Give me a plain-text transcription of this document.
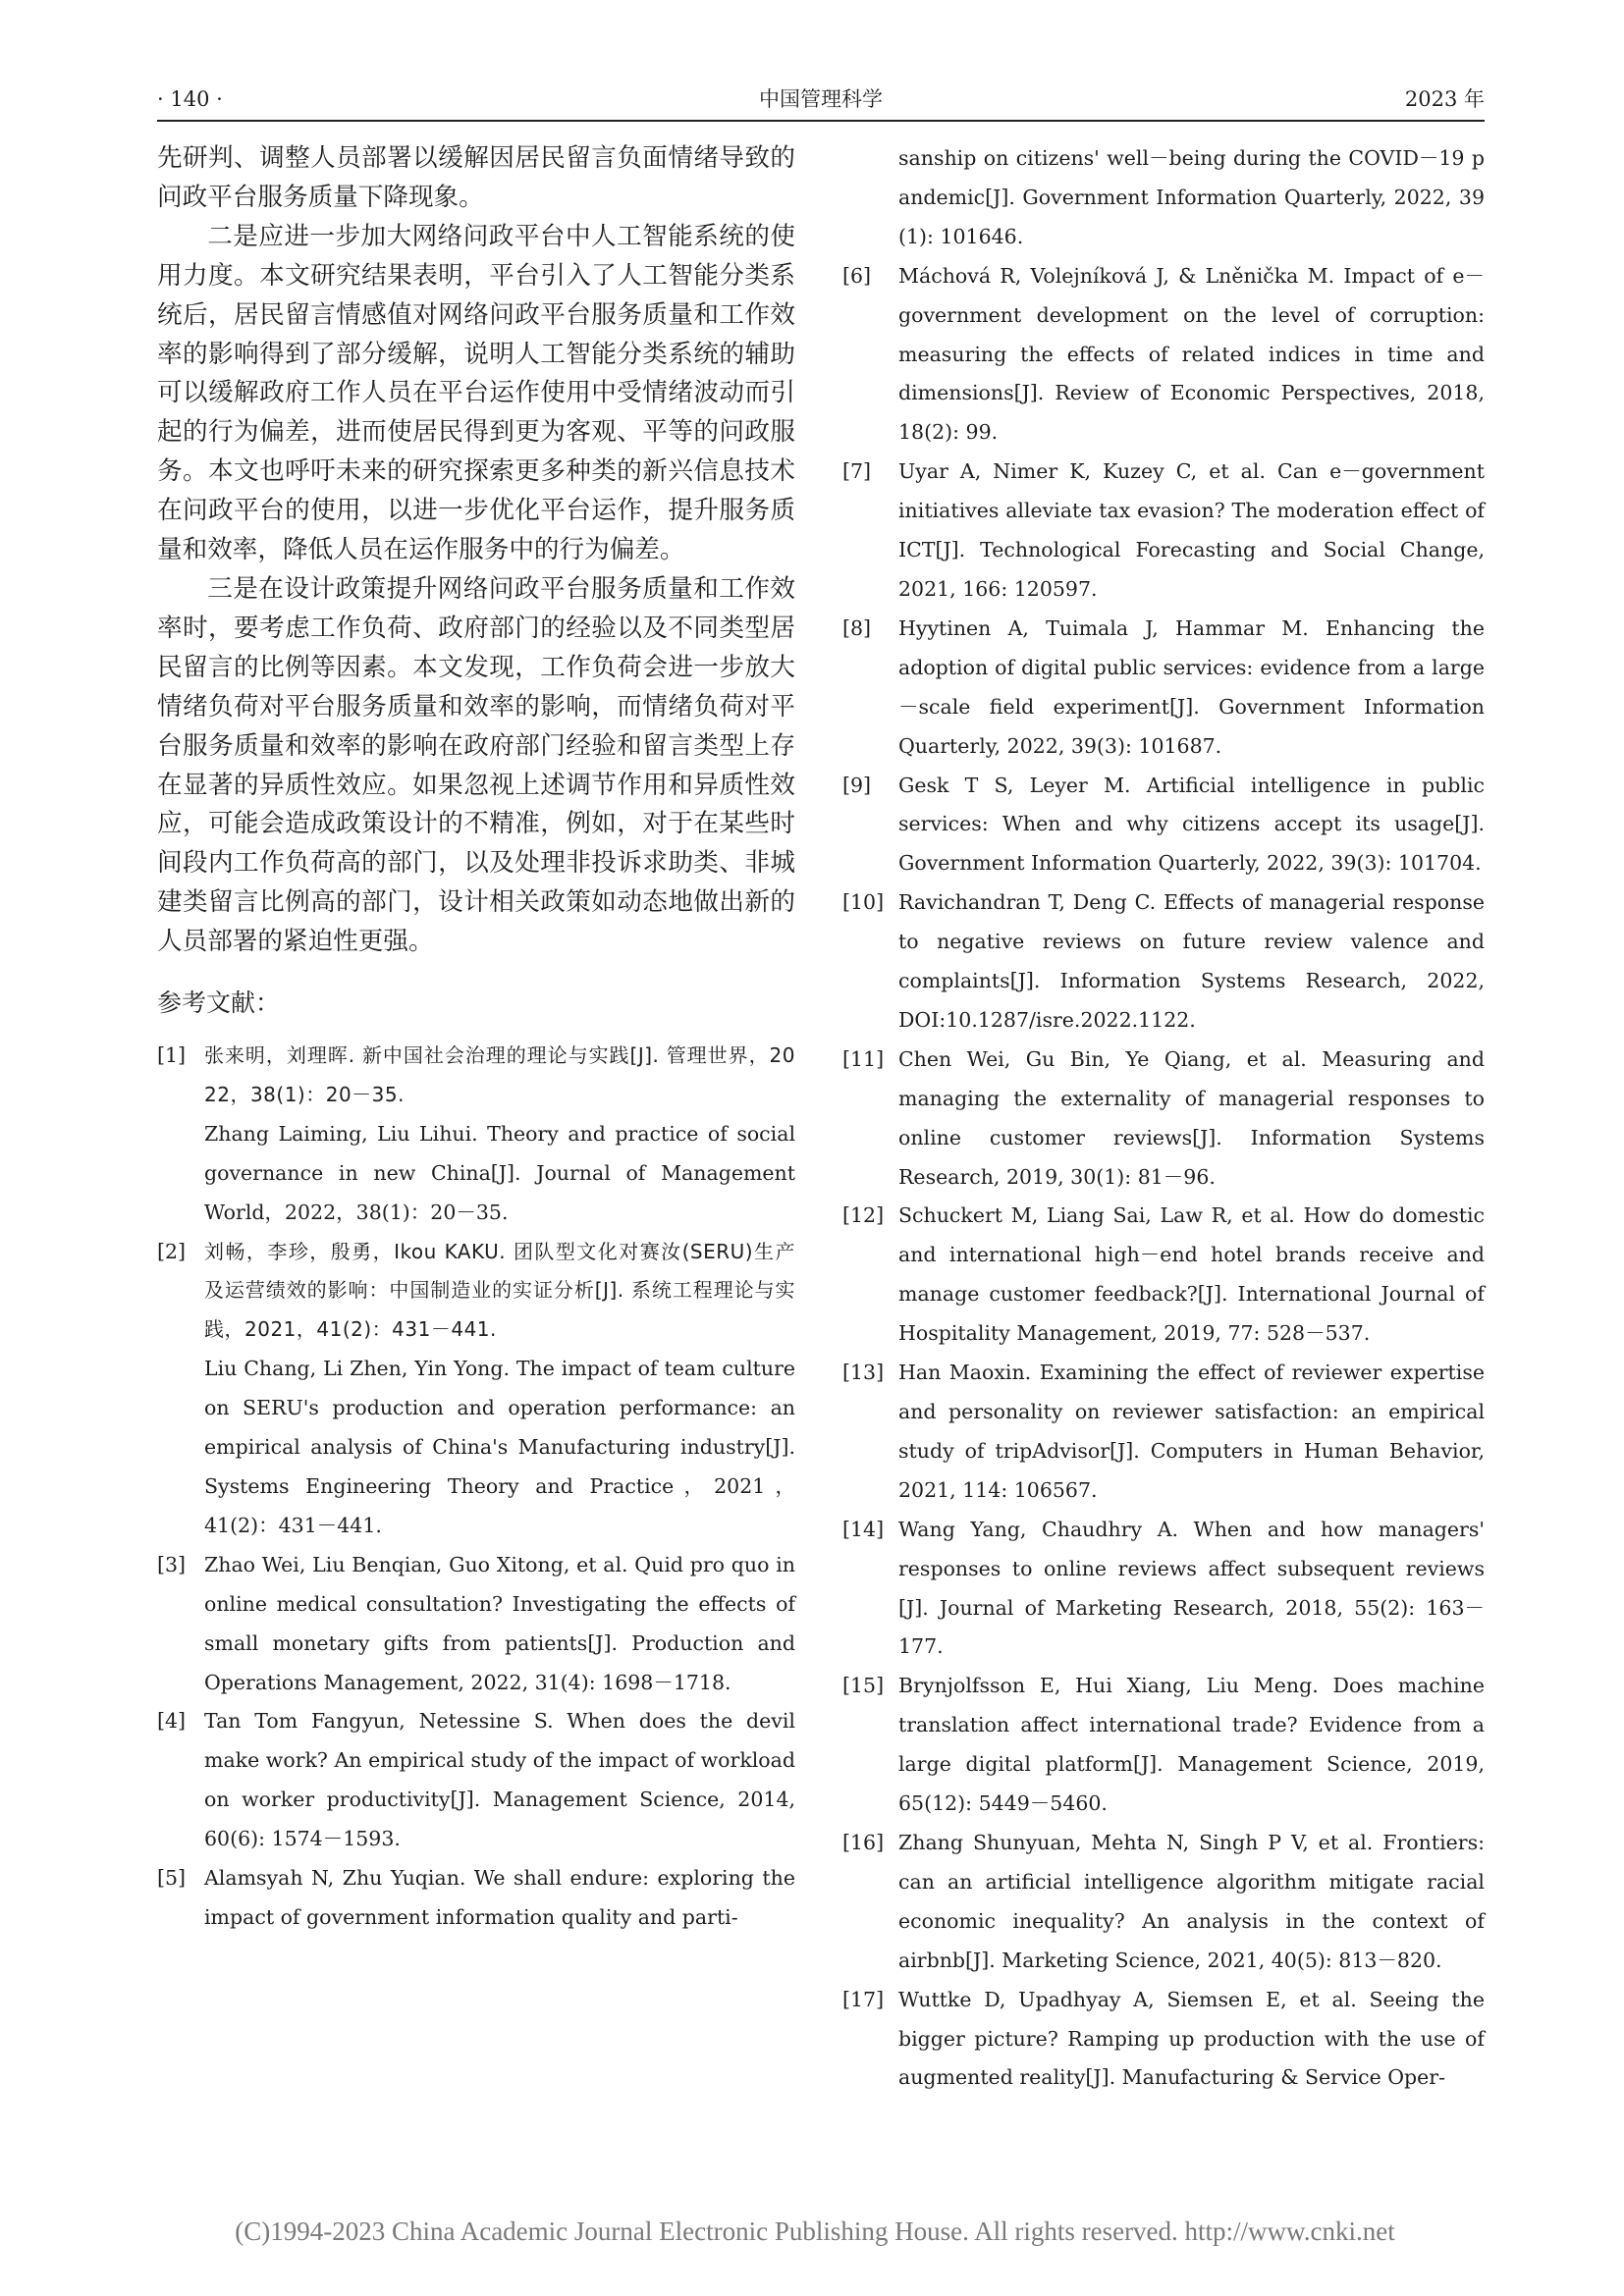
· 140 ·	中国管理科学	2023 年

先研判、调整人员部署以缓解因居民留言负面情绪导致的问政平台服务质量下降现象。

二是应进一步加大网络问政平台中人工智能系统的使用力度。本文研究结果表明，平台引入了人工智能分类系统后，居民留言情感值对网络问政平台服务质量和工作效率的影响得到了部分缓解，说明人工智能分类系统的辅助可以缓解政府工作人员在平台运作使用中受情绪波动而引起的行为偏差，进而使居民得到更为客观、平等的问政服务。本文也呼吁未来的研究探索更多种类的新兴信息技术在问政平台的使用，以进一步优化平台运作，提升服务质量和效率，降低人员在运作服务中的行为偏差。

三是在设计政策提升网络问政平台服务质量和工作效率时，要考虑工作负荷、政府部门的经验以及不同类型居民留言的比例等因素。本文发现，工作负荷会进一步放大情绪负荷对平台服务质量和效率的影响，而情绪负荷对平台服务质量和效率的影响在政府部门经验和留言类型上存在显著的异质性效应。如果忽视上述调节作用和异质性效应，可能会造成政策设计的不精准，例如，对于在某些时间段内工作负荷高的部门，以及处理非投诉求助类、非城建类留言比例高的部门，设计相关政策如动态地做出新的人员部署的紧迫性更强。

参考文献：
[1] 张来明，刘理晖. 新中国社会治理的理论与实践[J]. 管理世界，2022，38(1)：20－35.
Zhang Laiming, Liu Lihui. Theory and practice of social governance in new China[J]. Journal of Management World，2022，38(1)：20－35.
[2] 刘畅，李珍，殷勇，Ikou KAKU. 团队型文化对赛汝(SERU)生产及运营绩效的影响：中国制造业的实证分析[J]. 系统工程理论与实践，2021，41(2)：431－441.
Liu Chang, Li Zhen, Yin Yong. The impact of team culture on SERU's production and operation performance: an empirical analysis of China's Manufacturing industry[J]. Systems Engineering Theory and Practice，2021，41(2)：431－441.
[3] Zhao Wei, Liu Benqian, Guo Xitong, et al. Quid pro quo in online medical consultation? Investigating the effects of small monetary gifts from patients[J]. Production and Operations Management, 2022, 31(4): 1698－1718.
[4] Tan Tom Fangyun, Netessine S. When does the devil make work? An empirical study of the impact of workload on worker productivity[J]. Management Science, 2014, 60(6): 1574－1593.
[5] Alamsyah N, Zhu Yuqian. We shall endure: exploring the impact of government information quality and parti-
sanship on citizens' well－being during the COVID－19 pandemic[J]. Government Information Quarterly, 2022, 39(1): 101646.
[6] Máchová R, Volejníková J, & Lněnička M. Impact of e－government development on the level of corruption: measuring the effects of related indices in time and dimensions[J]. Review of Economic Perspectives, 2018, 18(2): 99.
[7] Uyar A, Nimer K, Kuzey C, et al. Can e－government initiatives alleviate tax evasion? The moderation effect of ICT[J]. Technological Forecasting and Social Change, 2021, 166: 120597.
[8] Hyytinen A, Tuimala J, Hammar M. Enhancing the adoption of digital public services: evidence from a large－scale field experiment[J]. Government Information Quarterly, 2022, 39(3): 101687.
[9] Gesk T S, Leyer M. Artificial intelligence in public services: When and why citizens accept its usage[J]. Government Information Quarterly, 2022, 39(3): 101704.
[10] Ravichandran T, Deng C. Effects of managerial response to negative reviews on future review valence and complaints[J]. Information Systems Research, 2022, DOI:10.1287/isre.2022.1122.
[11] Chen Wei, Gu Bin, Ye Qiang, et al. Measuring and managing the externality of managerial responses to online customer reviews[J]. Information Systems Research, 2019, 30(1): 81－96.
[12] Schuckert M, Liang Sai, Law R, et al. How do domestic and international high－end hotel brands receive and manage customer feedback?[J]. International Journal of Hospitality Management, 2019, 77: 528－537.
[13] Han Maoxin. Examining the effect of reviewer expertise and personality on reviewer satisfaction: an empirical study of tripAdvisor[J]. Computers in Human Behavior, 2021, 114: 106567.
[14] Wang Yang, Chaudhry A. When and how managers' responses to online reviews affect subsequent reviews [J]. Journal of Marketing Research, 2018, 55(2): 163－177.
[15] Brynjolfsson E, Hui Xiang, Liu Meng. Does machine translation affect international trade? Evidence from a large digital platform[J]. Management Science, 2019, 65(12): 5449－5460.
[16] Zhang Shunyuan, Mehta N, Singh P V, et al. Frontiers: can an artificial intelligence algorithm mitigate racial economic inequality? An analysis in the context of airbnb[J]. Marketing Science, 2021, 40(5): 813－820.
[17] Wuttke D, Upadhyay A, Siemsen E, et al. Seeing the bigger picture? Ramping up production with the use of augmented reality[J]. Manufacturing & Service Oper-
(C)1994-2023 China Academic Journal Electronic Publishing House. All rights reserved. http://www.cnki.net
